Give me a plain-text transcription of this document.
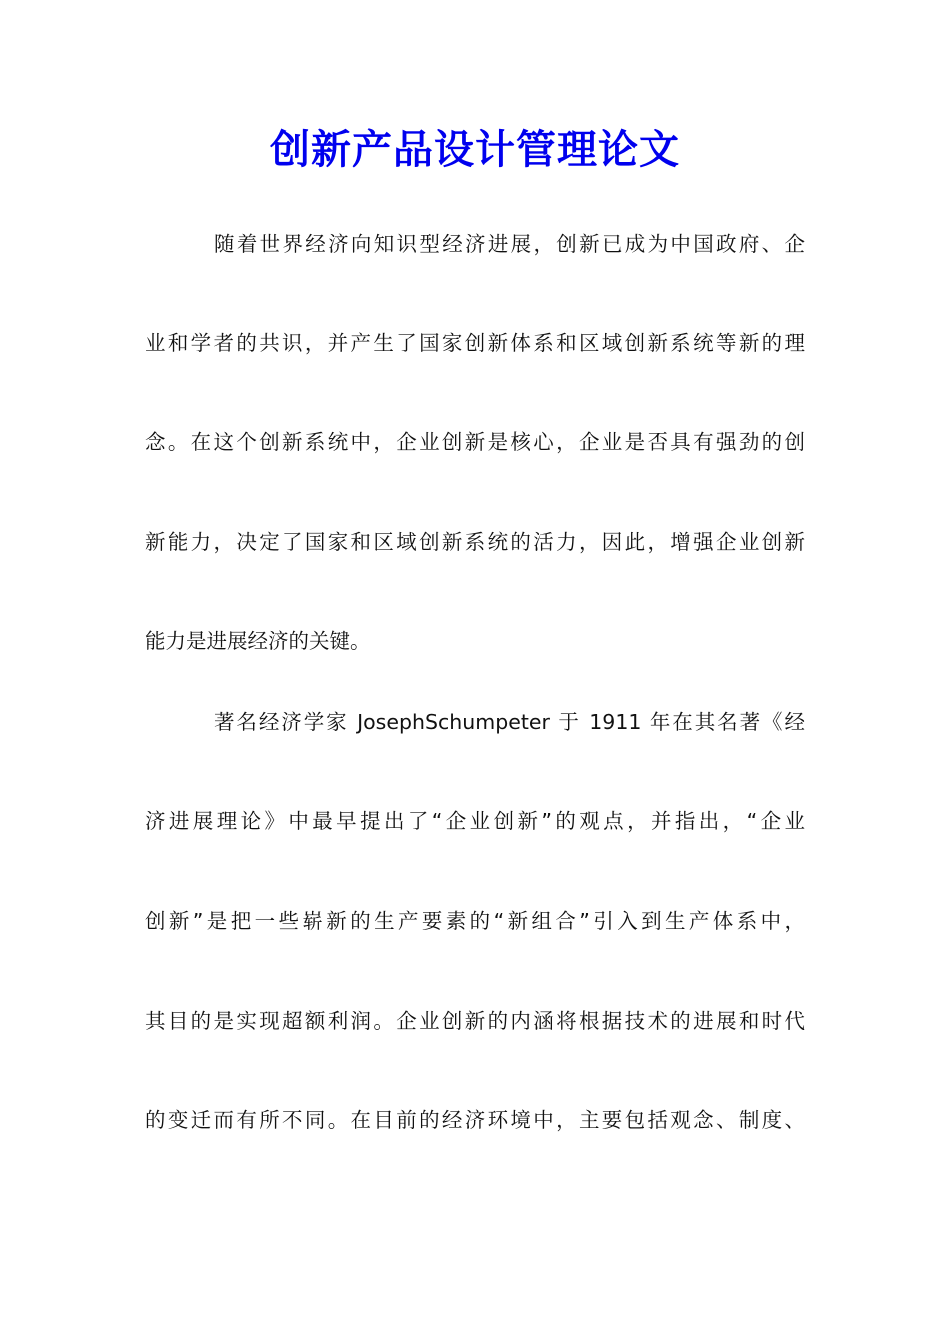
创新产品设计管理论文
随着世界经济向知识型经济进展，创新已成为中国政府、企
业和学者的共识，并产生了国家创新体系和区域创新系统等新的理
念。在这个创新系统中，企业创新是核心，企业是否具有强劲的创
新能力，决定了国家和区域创新系统的活力，因此，增强企业创新
能力是进展经济的关键。
著名经济学家 JosephSchumpeter 于 1911 年在其名著《经
济进展理论》中最早提出了“企业创新”的观点，并指出，“企业
创新”是把一些崭新的生产要素的“新组合”引入到生产体系中，
其目的是实现超额利润。企业创新的内涵将根据技术的进展和时代
的变迁而有所不同。在目前的经济环境中，主要包括观念、制度、
